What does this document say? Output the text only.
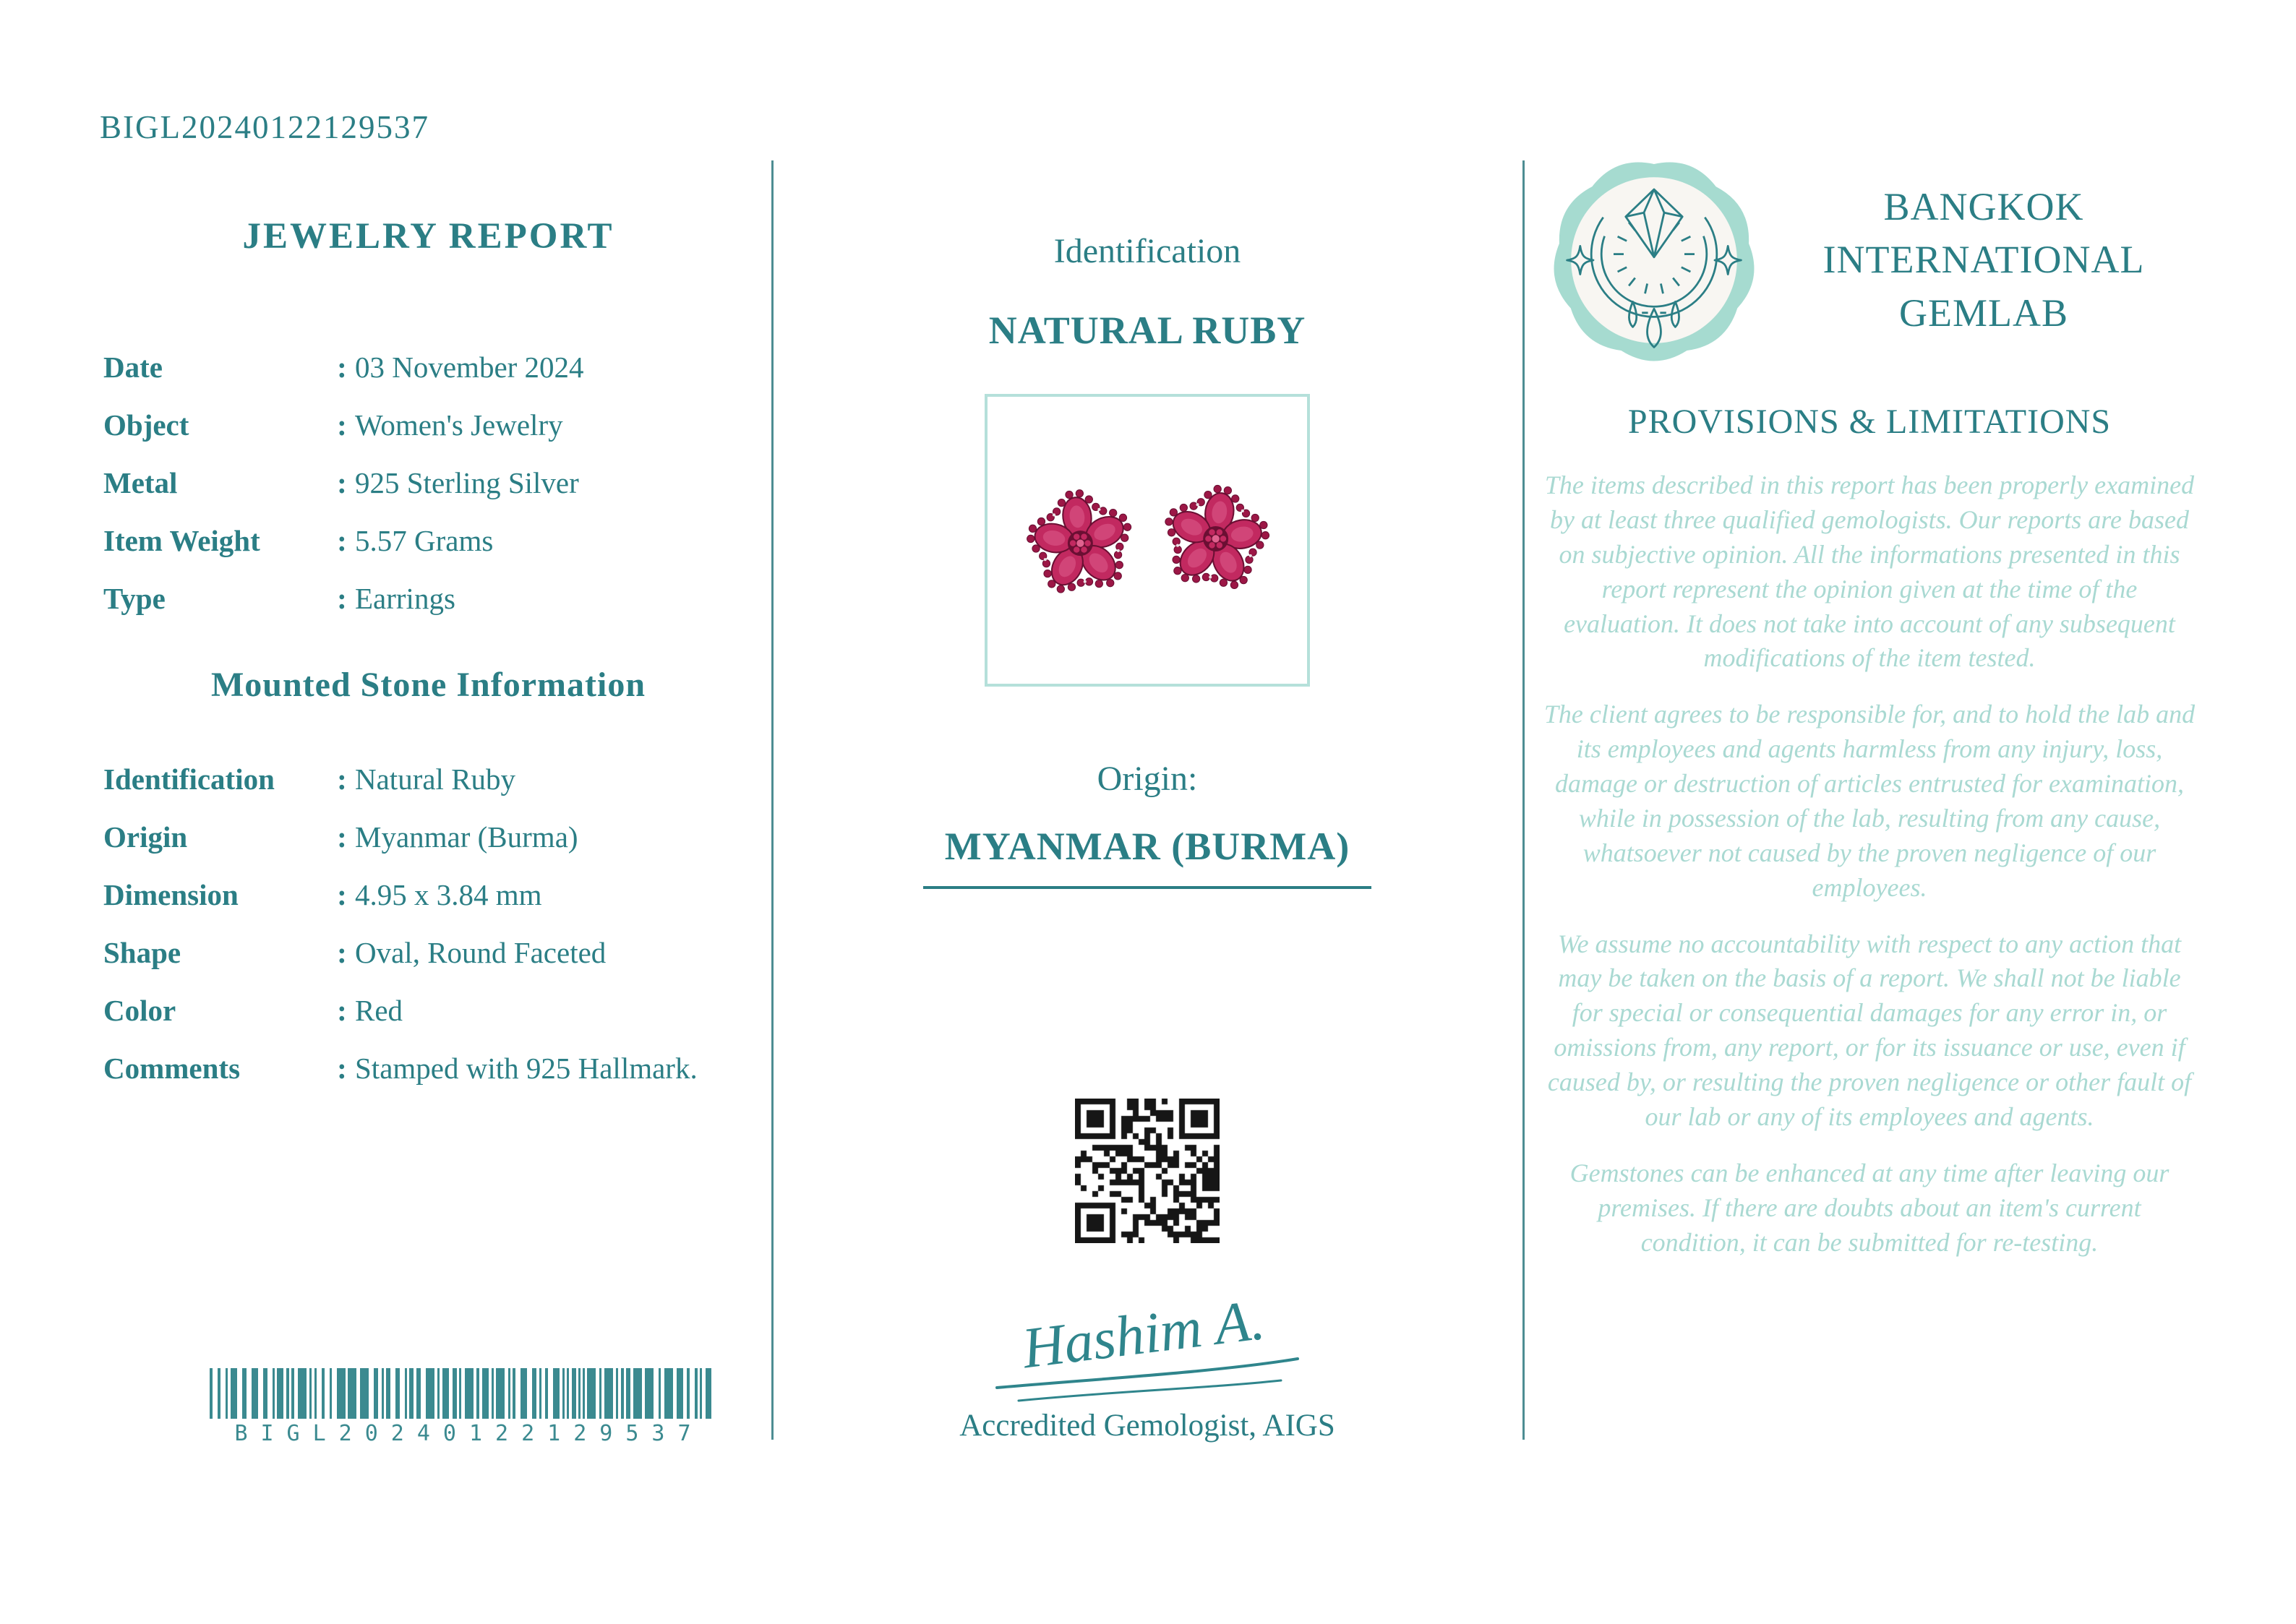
BIGL20240122129537
JEWELRY REPORT
Date	: 03 November 2024
Object	: Women's Jewelry
Metal	: 925 Sterling Silver
Item Weight	: 5.57 Grams
Type	: Earrings
Mounted Stone Information
Identification	: Natural Ruby
Origin	: Myanmar (Burma)
Dimension	: 4.95 x 3.84 mm
Shape	: Oval, Round Faceted
Color	: Red
Comments	: Stamped with 925 Hallmark.
BIGL20240122129537
Identification
NATURAL RUBY
Origin:
MYANMAR (BURMA)
Hashim A.
Accredited Gemologist, AIGS
BANGKOK INTERNATIONAL GEMLAB
PROVISIONS & LIMITATIONS

The items described in this report has been properly examined by at least three qualified gemologists. Our reports are based on subjective opinion. All the informations presented in this report represent the opinion given at the time of the evaluation. It does not take into account of any subsequent modifications of the item tested.

The client agrees to be responsible for, and to hold the lab and its employees and agents harmless from any injury, loss, damage or destruction of articles entrusted for examination, while in possession of the lab, resulting from any cause, whatsoever not caused by the proven negligence of our employees.

We assume no accountability with respect to any action that may be taken on the basis of a report. We shall not be liable for special or consequential damages for any error in, or omissions from, any report, or for its issuance or use, even if caused by, or resulting the proven negligence or other fault of our lab or any of its employees and agents.

Gemstones can be enhanced at any time after leaving our premises. If there are doubts about an item's current condition, it can be submitted for re-testing.
